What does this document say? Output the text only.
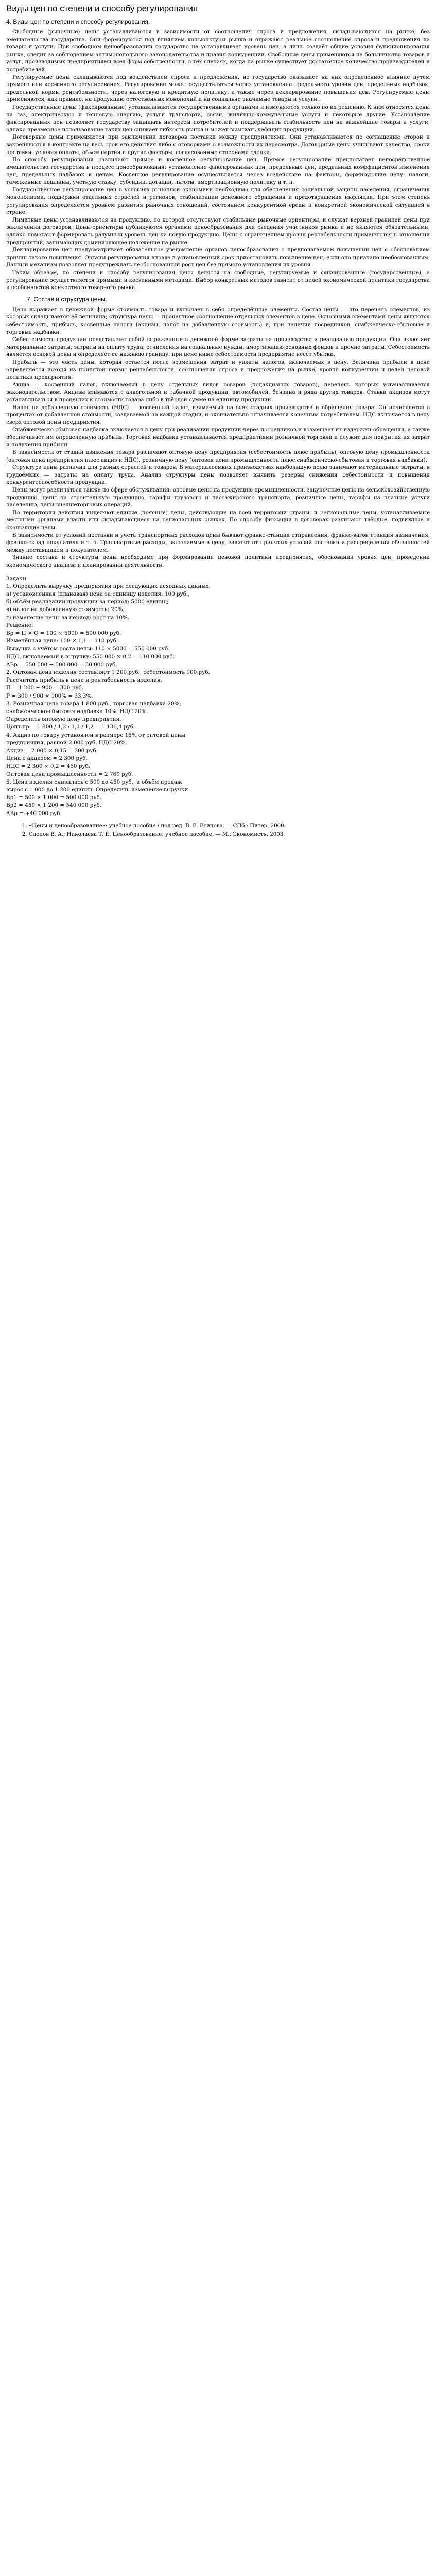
Виды цен по степени и способу регулирования
4. Виды цен по степени и способу регулирования.

Свободные (рыночные) цены устанавливаются в зависимости от соотношения спроса и предложения, складывающихся на рынке, без вмешательства государства. Они формируются под влиянием конъюнктуры рынка и отражают реальное соотношение спроса и предложения на товары и услуги. При свободном ценообразовании государство не устанавливает уровень цен, а лишь создаёт общие условия функционирования рынка, следит за соблюдением антимонопольного законодательства и правил конкуренции. Свободные цены применяются на большинство товаров и услуг, производимых предприятиями всех форм собственности, в тех случаях, когда на рынке существует достаточное количество производителей и потребителей.

Регулируемые цены складываются под воздействием спроса и предложения, но государство оказывает на них определённое влияние путём прямого или косвенного регулирования. Регулирование может осуществляться через установление предельного уровня цен, предельных надбавок, предельной нормы рентабельности, через налоговую и кредитную политику, а также через декларирование повышения цен. Регулируемые цены применяются, как правило, на продукцию естественных монополий и на социально значимые товары и услуги.

Государственные цены (фиксированные) устанавливаются государственными органами и изменяются только по их решению. К ним относятся цены на газ, электрическую и тепловую энергию, услуги транспорта, связи, жилищно-коммунальные услуги и некоторые другие. Установление фиксированных цен позволяет государству защищать интересы потребителей и поддерживать стабильность цен на важнейшие товары и услуги, однако чрезмерное использование таких цен снижает гибкость рынка и может вызывать дефицит продукции.

Договорные цены применяются при заключении договоров поставки между предприятиями. Они устанавливаются по соглашению сторон и закрепляются в контракте на весь срок его действия либо с оговорками о возможности их пересмотра. Договорные цены учитывают качество, сроки поставки, условия оплаты, объём партии и другие факторы, согласованные сторонами сделки.

По способу регулирования различают прямое и косвенное регулирование цен. Прямое регулирование предполагает непосредственное вмешательство государства в процесс ценообразования: установление фиксированных цен, предельных цен, предельных коэффициентов изменения цен, предельных надбавок к ценам. Косвенное регулирование осуществляется через воздействие на факторы, формирующие цену: налоги, таможенные пошлины, учётную ставку, субсидии, дотации, льготы, амортизационную политику и т. п.

Государственное регулирование цен в условиях рыночной экономики необходимо для обеспечения социальной защиты населения, ограничения монополизма, поддержки отдельных отраслей и регионов, стабилизации денежного обращения и предотвращения инфляции. При этом степень регулирования определяется уровнем развития рыночных отношений, состоянием конкурентной среды и конкретной экономической ситуацией в стране.

Лимитные цены устанавливаются на продукцию, по которой отсутствуют стабильные рыночные ориентиры, и служат верхней границей цены при заключении договоров. Цены-ориентиры публикуются органами ценообразования для сведения участников рынка и не являются обязательными, однако помогают формировать разумный уровень цен на новую продукцию. Цены с ограничением уровня рентабельности применяются в отношении предприятий, занимающих доминирующее положение на рынке.

Декларирование цен предусматривает обязательное уведомление органов ценообразования о предполагаемом повышении цен с обоснованием причин такого повышения. Органы регулирования вправе в установленный срок приостановить повышение цен, если оно признано необоснованным. Данный механизм позволяет предупреждать необоснованный рост цен без прямого установления их уровня.

Таким образом, по степени и способу регулирования цены делятся на свободные, регулируемые и фиксированные (государственные), а регулирование осуществляется прямыми и косвенными методами. Выбор конкретных методов зависит от целей экономической политики государства и особенностей конкретного товарного рынка.

7. Состав и структура цены.

Цена выражает в денежной форме стоимость товара и включает в себя определённые элементы. Состав цены — это перечень элементов, из которых складывается её величина; структура цены — процентное соотношение отдельных элементов в цене. Основными элементами цены являются себестоимость, прибыль, косвенные налоги (акцизы, налог на добавленную стоимость) и, при наличии посредников, снабженческо-сбытовые и торговые надбавки.

Себестоимость продукции представляет собой выраженные в денежной форме затраты на производство и реализацию продукции. Она включает материальные затраты, затраты на оплату труда, отчисления на социальные нужды, амортизацию основных фондов и прочие затраты. Себестоимость является основой цены и определяет её нижнюю границу: при цене ниже себестоимости предприятие несёт убытки.

Прибыль — это часть цены, которая остаётся после возмещения затрат и уплаты налогов, включаемых в цену. Величина прибыли в цене определяется исходя из принятой нормы рентабельности, соотношения спроса и предложения на рынке, уровня конкуренции и целей ценовой политики предприятия.

Акциз — косвенный налог, включаемый в цену отдельных видов товаров (подакцизных товаров), перечень которых устанавливается законодательством. Акцизы взимаются с алкогольной и табачной продукции, автомобилей, бензина и ряда других товаров. Ставки акцизов могут устанавливаться в процентах к стоимости товара либо в твёрдой сумме на единицу продукции.

Налог на добавленную стоимость (НДС) — косвенный налог, взимаемый на всех стадиях производства и обращения товара. Он исчисляется в процентах от добавленной стоимости, создаваемой на каждой стадии, и окончательно оплачивается конечным потребителем. НДС включается в цену сверх оптовой цены предприятия.

Снабженческо-сбытовая надбавка включается в цену при реализации продукции через посредников и возмещает их издержки обращения, а также обеспечивает им определённую прибыль. Торговая надбавка устанавливается предприятиями розничной торговли и служит для покрытия их затрат и получения прибыли.

В зависимости от стадии движения товара различают оптовую цену предприятия (себестоимость плюс прибыль), оптовую цену промышленности (оптовая цена предприятия плюс акциз и НДС), розничную цену (оптовая цена промышленности плюс снабженческо-сбытовая и торговая надбавки).

Структура цены различна для разных отраслей и товаров. В материалоёмких производствах наибольшую долю занимают материальные затраты, в трудоёмких — затраты на оплату труда. Анализ структуры цены позволяет выявить резервы снижения себестоимости и повышения конкурентоспособности продукции.

Цены могут различаться также по сфере обслуживания: оптовые цены на продукцию промышленности, закупочные цены на сельскохозяйственную продукцию, цены на строительную продукцию, тарифы грузового и пассажирского транспорта, розничные цены, тарифы на платные услуги населению, цены внешнеторговых операций.

По территории действия выделяют единые (поясные) цены, действующие на всей территории страны, и региональные цены, устанавливаемые местными органами власти или складывающиеся на региональных рынках. По способу фиксации в договорах различают твёрдые, подвижные и скользящие цены.

В зависимости от условий поставки и учёта транспортных расходов цены бывают франко-станция отправления, франко-вагон станция назначения, франко-склад покупателя и т. п. Транспортные расходы, включаемые в цену, зависят от принятых условий поставки и распределения обязанностей между поставщиком и покупателем.

Знание состава и структуры цены необходимо при формировании ценовой политики предприятия, обосновании уровня цен, проведении экономического анализа и планировании деятельности.

Задачи

1. Определить выручку предприятия при следующих исходных данных:

а) установленная (плановая) цена за единицу изделия: 100 руб.;

б) объём реализации продукции за период: 5000 единиц;

в) налог на добавленную стоимость: 20%;

г) изменение цены за период: рост на 10%.

Решение:

Вр = Ц × Q = 100 × 5000 = 500 000 руб.

Изменённая цена: 100 × 1,1 = 110 руб.

Выручка с учётом роста цены: 110 × 5000 = 550 000 руб.

НДС, включаемый в выручку: 550 000 × 0,2 = 110 000 руб.

ΔВр = 550 000 − 500 000 = 50 000 руб.

2. Оптовая цена изделия составляет 1 200 руб., себестоимость 900 руб.

Рассчитать прибыль в цене и рентабельность изделия.

П = 1 200 − 900 = 300 руб.

Р = 300 / 900 × 100% = 33,3%.

3. Розничная цена товара 1 800 руб., торговая надбавка 20%,

снабженческо-сбытовая надбавка 10%, НДС 20%.

Определить оптовую цену предприятия.

Цопт.пр = 1 800 / 1,2 / 1,1 / 1,2 = 1 136,4 руб.

4. Акциз по товару установлен в размере 15% от оптовой цены

предприятия, равной 2 000 руб. НДС 20%.

Акциз = 2 000 × 0,15 = 300 руб.

Цена с акцизом = 2 300 руб.

НДС = 2 300 × 0,2 = 460 руб.

Оптовая цена промышленности = 2 760 руб.

5. Цена изделия снизилась с 500 до 450 руб., а объём продаж

вырос с 1 000 до 1 200 единиц. Определить изменение выручки.

Вр1 = 500 × 1 000 = 500 000 руб.

Вр2 = 450 × 1 200 = 540 000 руб.

ΔВр = +40 000 руб.

1. «Цены и ценообразование»: учебное пособие / под ред. В. Е. Есипова. — СПб.: Питер, 2000.
2. Слепов В. А., Николаева Т. Е. Ценообразование: учебное пособие. — М.: Экономистъ, 2003.
